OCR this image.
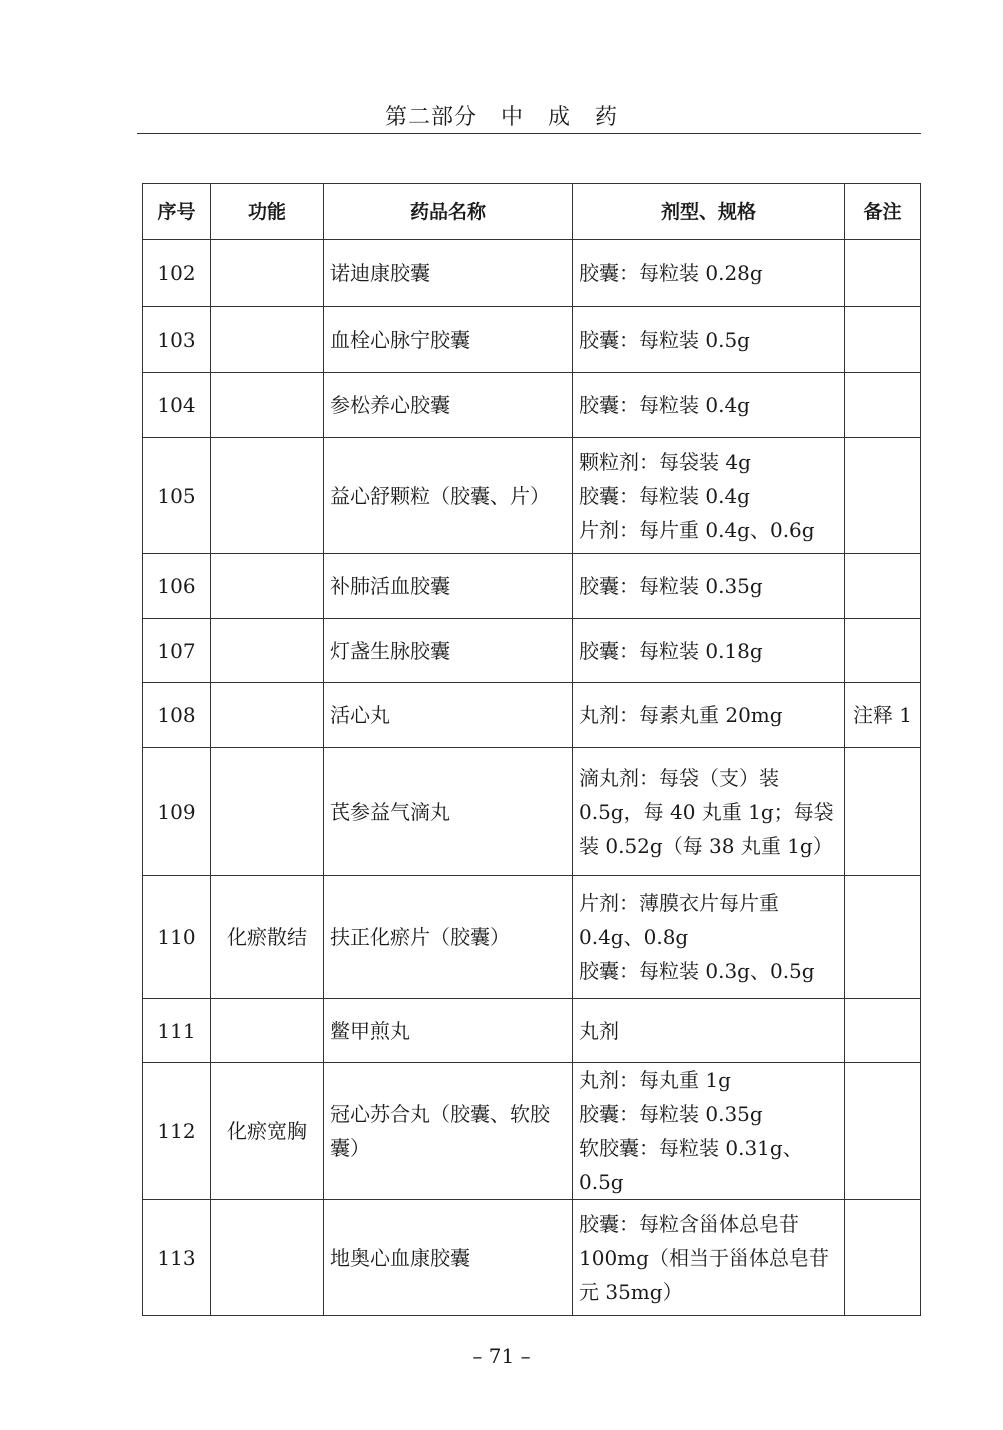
第二部分   中   成   药
序号	功能	药品名称	剂型、规格	备注
102		诺迪康胶囊	胶囊：每粒装 0.28g	
103		血栓心脉宁胶囊	胶囊：每粒装 0.5g	
104		参松养心胶囊	胶囊：每粒装 0.4g	
105		益心舒颗粒（胶囊、片）	颗粒剂：每袋装 4g
胶囊：每粒装 0.4g
片剂：每片重 0.4g、0.6g	
106		补肺活血胶囊	胶囊：每粒装 0.35g	
107		灯盏生脉胶囊	胶囊：每粒装 0.18g	
108		活心丸	丸剂：每素丸重 20mg	注释 1
109		芪参益气滴丸	滴丸剂：每袋（支）装 0.5g，每 40 丸重 1g；每袋装 0.52g（每 38 丸重 1g）	
110	化瘀散结	扶正化瘀片（胶囊）	片剂：薄膜衣片每片重 0.4g、0.8g
胶囊：每粒装 0.3g、0.5g	
111		鳖甲煎丸	丸剂	
112	化瘀宽胸	冠心苏合丸（胶囊、软胶囊）	丸剂：每丸重 1g
胶囊：每粒装 0.35g
软胶囊：每粒装 0.31g、0.5g	
113		地奥心血康胶囊	胶囊：每粒含甾体总皂苷 100mg（相当于甾体总皂苷元 35mg）	
– 71 –
